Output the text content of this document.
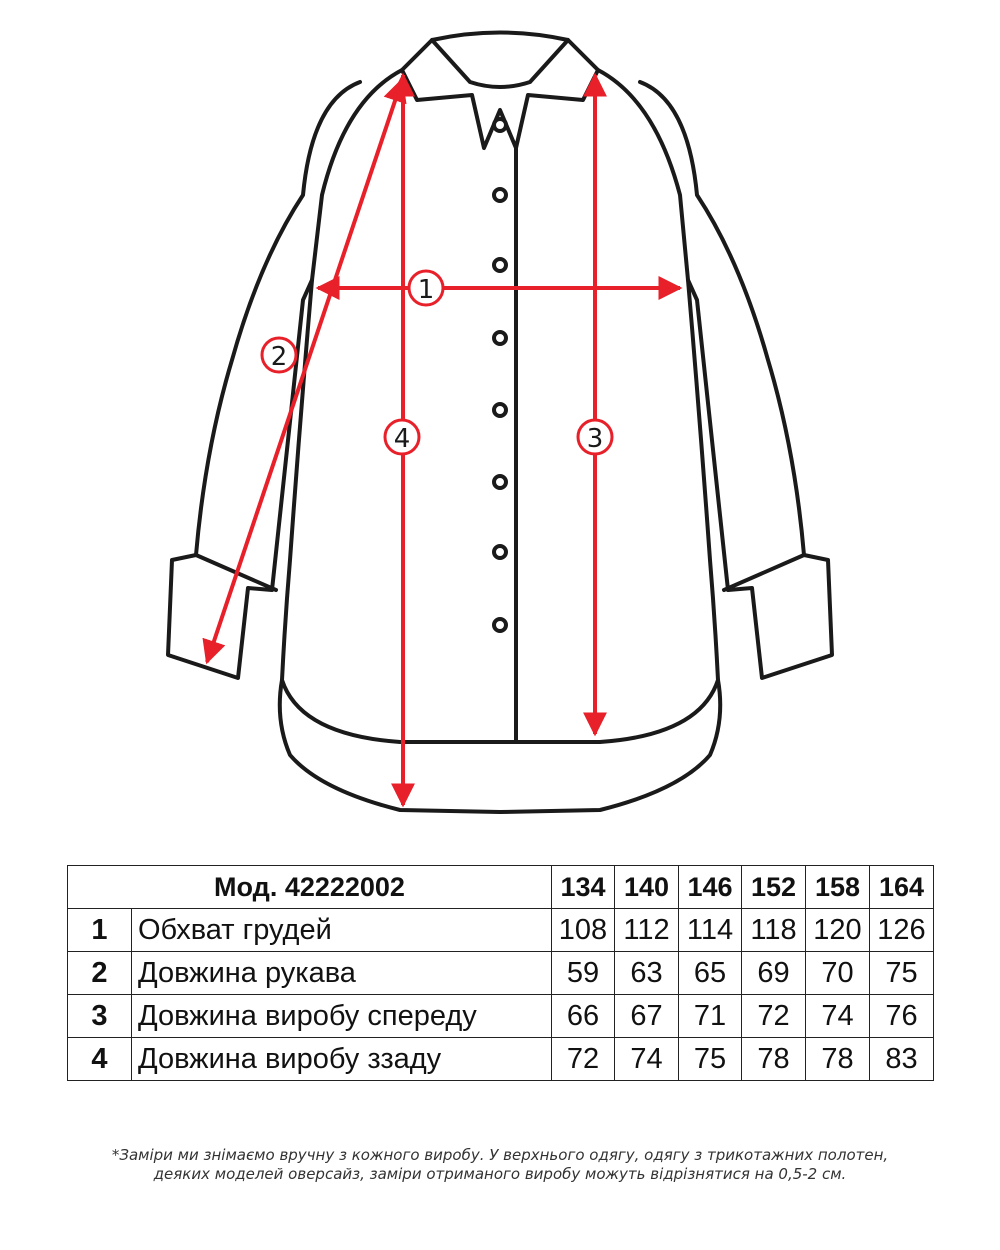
1
2
3
4
Мод. 42222002		134	140	146	152	158	164
1	Обхват грудей	108	112	114	118	120	126
2	Довжина рукава	59	63	65	69	70	75
3	Довжина виробу спереду	66	67	71	72	74	76
4	Довжина виробу ззаду	72	74	75	78	78	83
*Заміри ми знімаємо вручну з кожного виробу. У верхнього одягу, одягу з трикотажних полотен,
деяких моделей оверсайз, заміри отриманого виробу можуть відрізнятися на 0,5-2 см.
